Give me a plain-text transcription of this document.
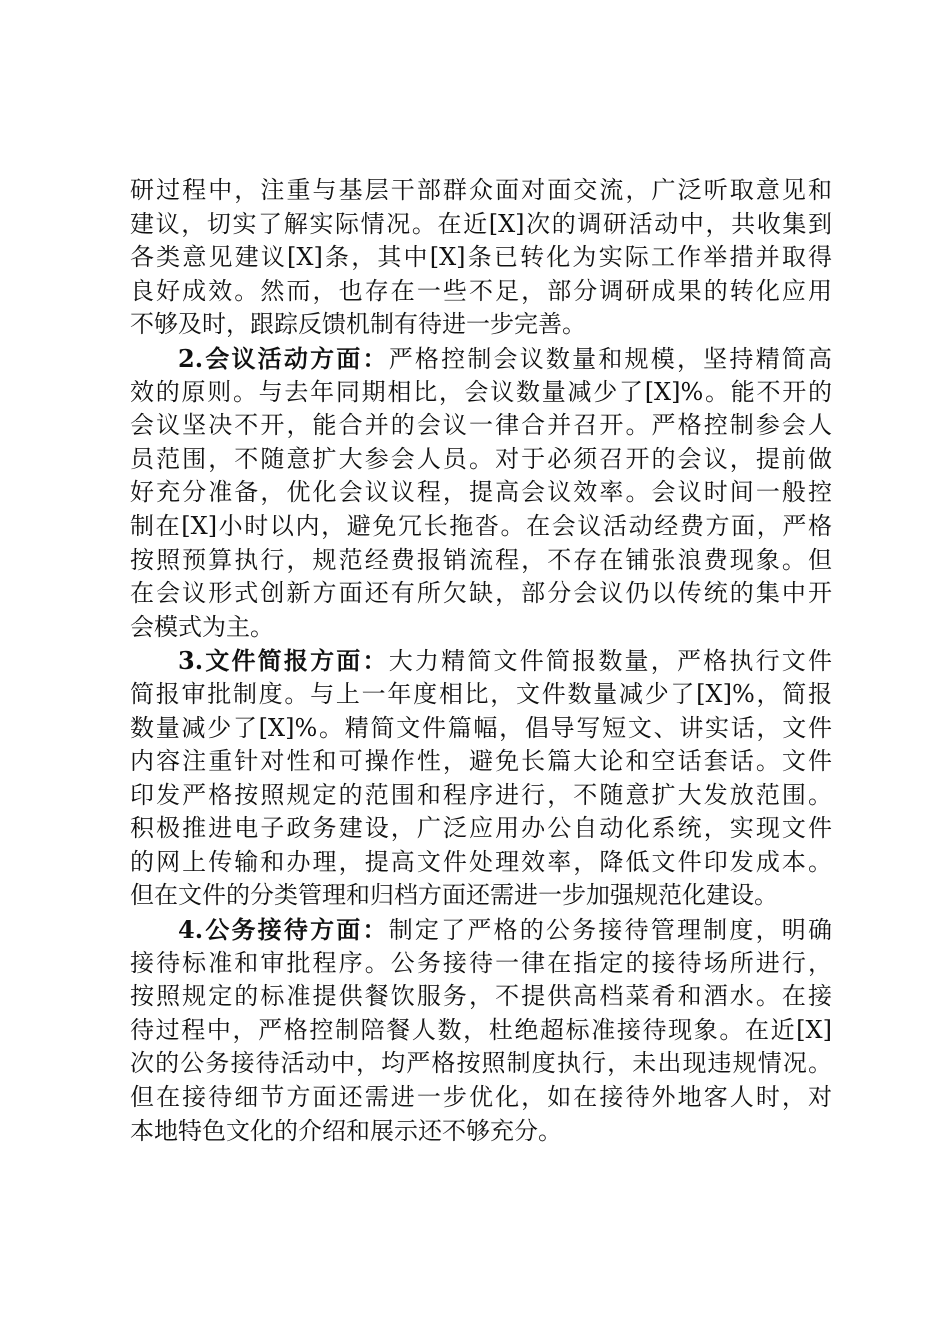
研过程中，注重与基层干部群众面对面交流，广泛听取意见和
建议，切实了解实际情况。在近[X]次的调研活动中，共收集到
各类意见建议[X]条，其中[X]条已转化为实际工作举措并取得
良好成效。然而，也存在一些不足，部分调研成果的转化应用
不够及时，跟踪反馈机制有待进一步完善。
2.会议活动方面：严格控制会议数量和规模，坚持精简高
效的原则。与去年同期相比，会议数量减少了[X]%。能不开的
会议坚决不开，能合并的会议一律合并召开。严格控制参会人
员范围，不随意扩大参会人员。对于必须召开的会议，提前做
好充分准备，优化会议议程，提高会议效率。会议时间一般控
制在[X]小时以内，避免冗长拖沓。在会议活动经费方面，严格
按照预算执行，规范经费报销流程，不存在铺张浪费现象。但
在会议形式创新方面还有所欠缺，部分会议仍以传统的集中开
会模式为主。
3.文件简报方面：大力精简文件简报数量，严格执行文件
简报审批制度。与上一年度相比，文件数量减少了[X]%，简报
数量减少了[X]%。精简文件篇幅，倡导写短文、讲实话，文件
内容注重针对性和可操作性，避免长篇大论和空话套话。文件
印发严格按照规定的范围和程序进行，不随意扩大发放范围。
积极推进电子政务建设，广泛应用办公自动化系统，实现文件
的网上传输和办理，提高文件处理效率，降低文件印发成本。
但在文件的分类管理和归档方面还需进一步加强规范化建设。
4.公务接待方面：制定了严格的公务接待管理制度，明确
接待标准和审批程序。公务接待一律在指定的接待场所进行，
按照规定的标准提供餐饮服务，不提供高档菜肴和酒水。在接
待过程中，严格控制陪餐人数，杜绝超标准接待现象。在近[X]
次的公务接待活动中，均严格按照制度执行，未出现违规情况。
但在接待细节方面还需进一步优化，如在接待外地客人时，对
本地特色文化的介绍和展示还不够充分。
